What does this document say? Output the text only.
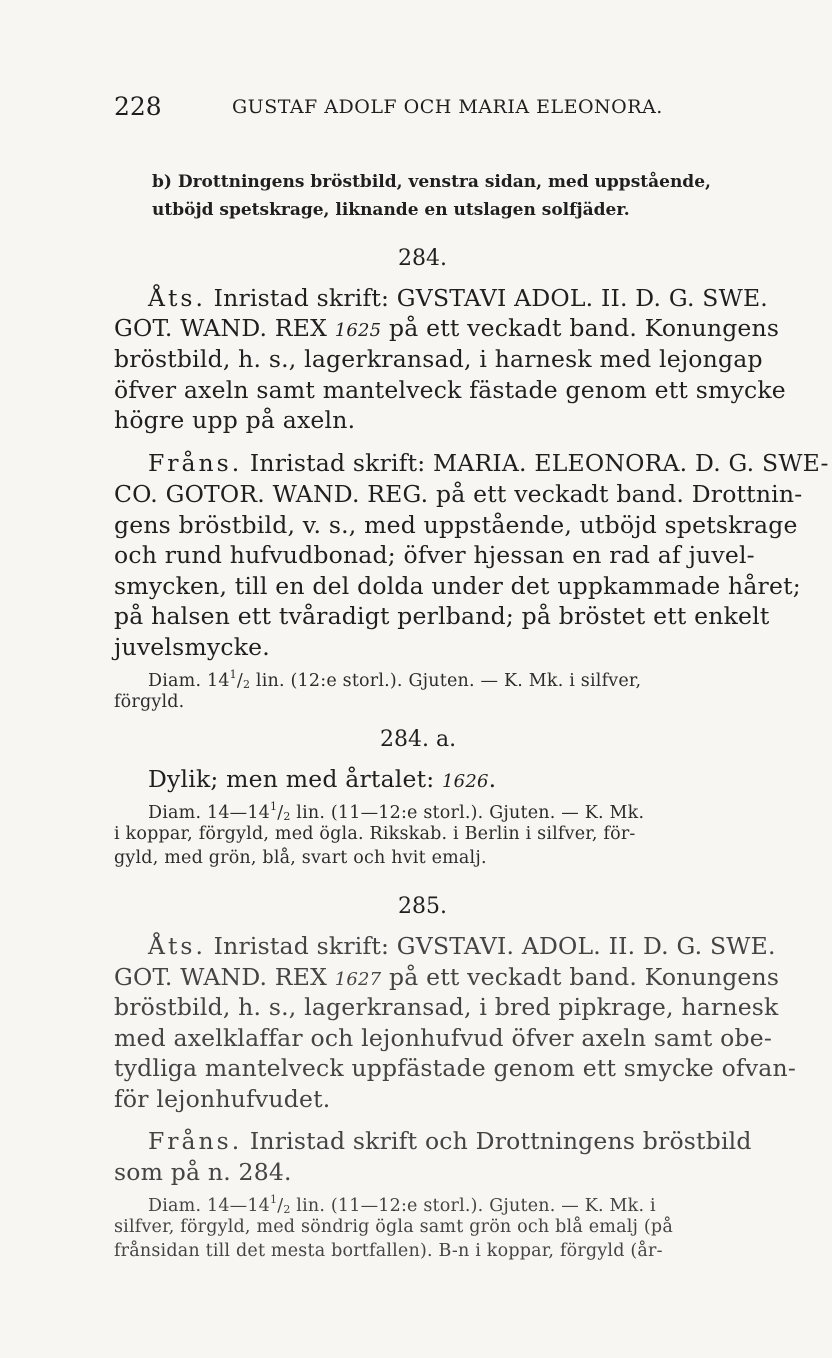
228	GUSTAF ADOLF OCH MARIA ELEONORA.
b) Drottningens bröstbild, venstra sidan, med uppstående,
utböjd spetskrage, liknande en utslagen solfjäder.
284.
Åts. Inristad skrift: GVSTAVI ADOL. II. D. G. SWE.
GOT. WAND. REX 1625 på ett veckadt band. Konungens
bröstbild, h. s., lagerkransad, i harnesk med lejongap
öfver axeln samt mantelveck fästade genom ett smycke
högre upp på axeln.
Fråns. Inristad skrift: MARIA. ELEONORA. D. G. SWE-
CO. GOTOR. WAND. REG. på ett veckadt band. Drottnin-
gens bröstbild, v. s., med uppstående, utböjd spetskrage
och rund hufvudbonad; öfver hjessan en rad af juvel-
smycken, till en del dolda under det uppkammade håret;
på halsen ett tvåradigt perlband; på bröstet ett enkelt
juvelsmycke.
Diam. $14^1/_2$ lin. (12:e storl.). Gjuten. — K. Mk. i silfver,
förgyld.
284. a.
Dylik; men med årtalet: 1626.
Diam. $14—14^1/_2$ lin. (11—12:e storl.). Gjuten. — K. Mk.
i koppar, förgyld, med ögla. Rikskab. i Berlin i silfver, för-
gyld, med grön, blå, svart och hvit emalj.
285.
Åts. Inristad skrift: GVSTAVI. ADOL. II. D. G. SWE.
GOT. WAND. REX 1627 på ett veckadt band. Konungens
bröstbild, h. s., lagerkransad, i bred pipkrage, harnesk
med axelklaffar och lejonhufvud öfver axeln samt obe-
tydliga mantelveck uppfästade genom ett smycke ofvan-
för lejonhufvudet.
Fråns. Inristad skrift och Drottningens bröstbild
som på n. 284.
Diam. $14—14^1/_2$ lin. (11—12:e storl.). Gjuten. — K. Mk. i
silfver, förgyld, med söndrig ögla samt grön och blå emalj (på
frånsidan till det mesta bortfallen). B-n i koppar, förgyld (år-
